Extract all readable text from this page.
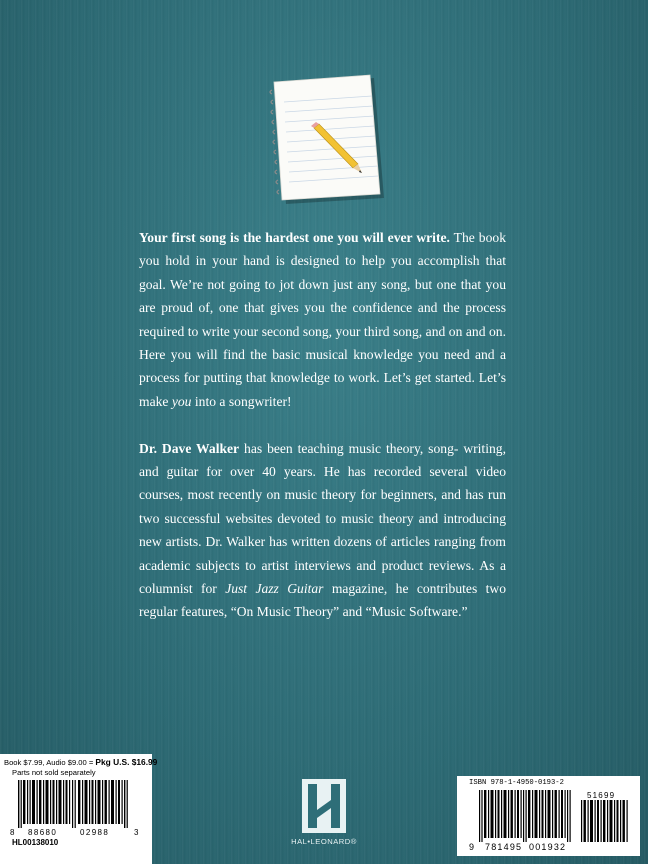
Your first song is the hardest one you will ever write. The book you hold in your hand is designed to help you accomplish that goal. We’re not going to jot down just any song, but one that you are proud of, one that gives you the confidence and the process required to write your second song, your third song, and on and on. Here you will find the basic musical knowledge you need and a process for putting that knowledge to work. Let’s get started. Let’s make you into a songwriter!

Dr. Dave Walker has been teaching music theory, song- writing, and guitar for over 40 years. He has recorded several video courses, most recently on music theory for beginners, and has run two successful websites devoted to music theory and introducing new artists. Dr. Walker has written dozens of articles ranging from academic subjects to artist interviews and product reviews. As a columnist for Just Jazz Guitar magazine, he contributes two regular features, “On Music Theory” and “Music Software.”

Book $7.99, Audio $9.00 = Pkg U.S. $16.99
Parts not sold separately
8 88680	02988	3
HL00138010	HAL•LEONARD®
ISBN 978-1-4950-0193-2
51699
9 781495 001932
